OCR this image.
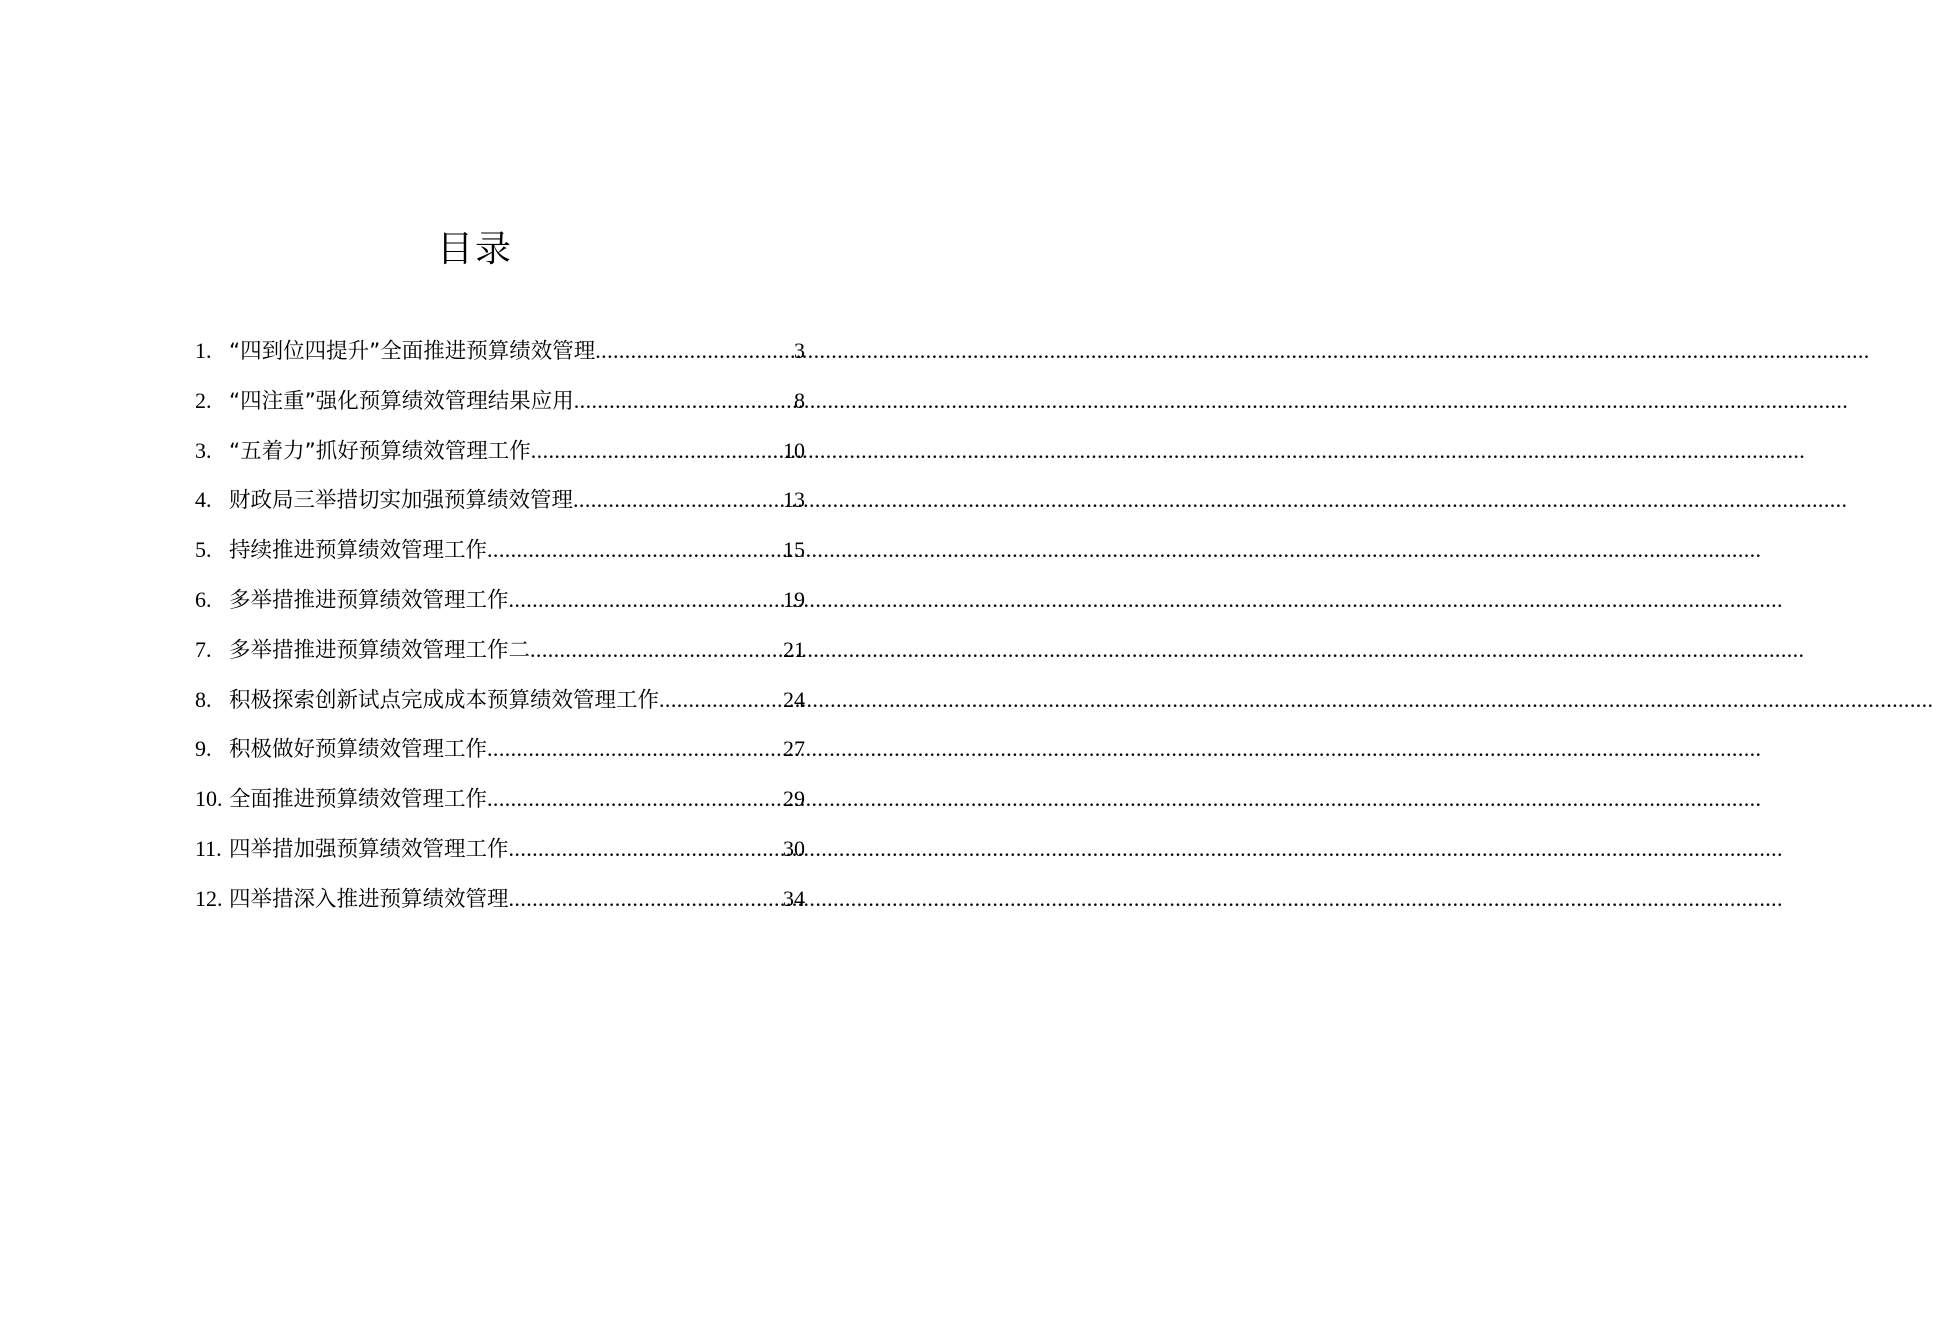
目录
1. “四到位四提升”全面推进预算绩效管理 .....	3
2. “四注重”强化预算绩效管理结果应用 .....	8
3. “五着力”抓好预算绩效管理工作 .....	10
4. 财政局三举措切实加强预算绩效管理 .....	13
5. 持续推进预算绩效管理工作 .....	15
6. 多举措推进预算绩效管理工作 .....	19
7. 多举措推进预算绩效管理工作二 .....	21
8. 积极探索创新试点完成成本预算绩效管理工作 .....	24
9. 积极做好预算绩效管理工作 .....	27
10. 全面推进预算绩效管理工作 .....	29
11. 四举措加强预算绩效管理工作 .....	30
12. 四举措深入推进预算绩效管理 .....	34
